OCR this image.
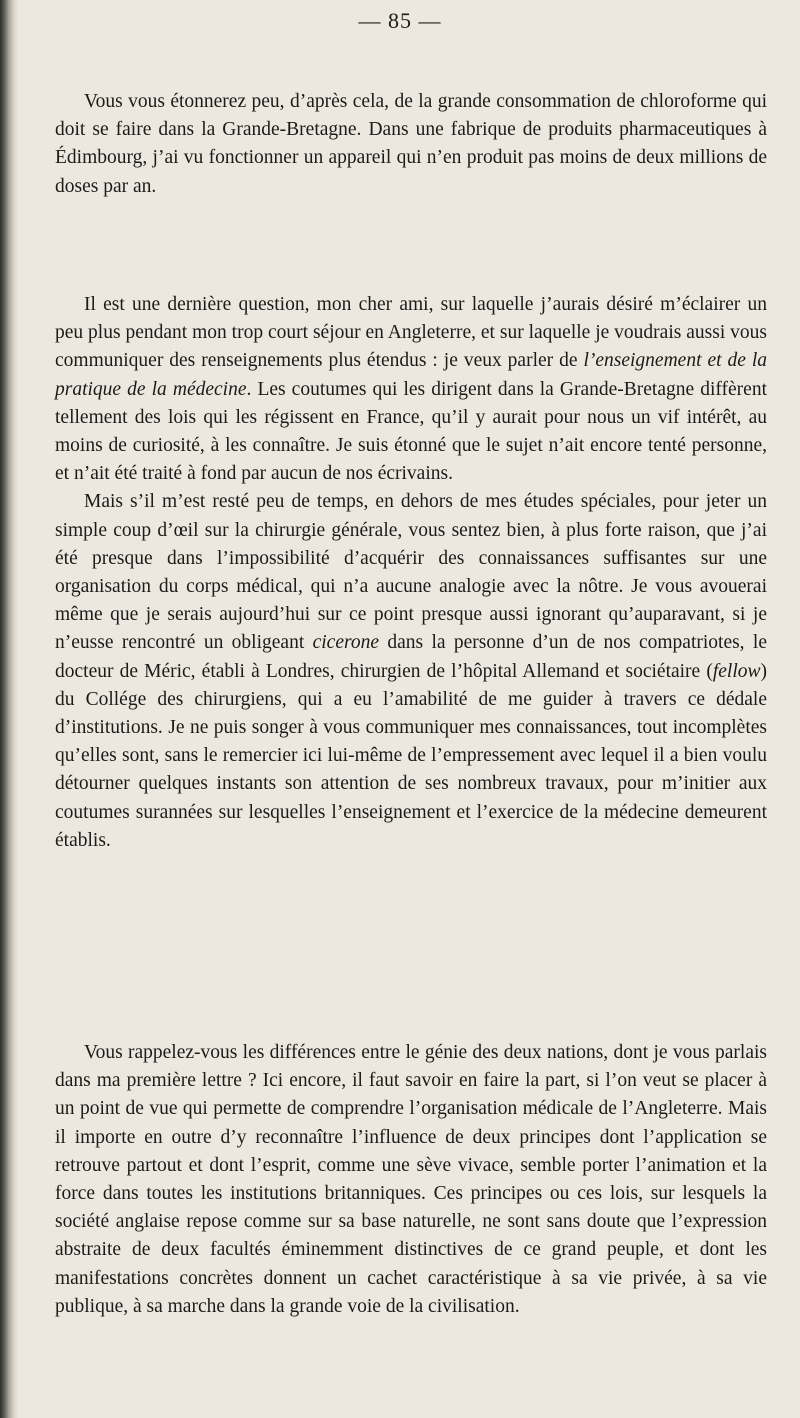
— 85 —

Vous vous étonnerez peu, d’après cela, de la grande consommation de chloroforme qui doit se faire dans la Grande-Bretagne. Dans une fabrique de produits pharmaceutiques à Édimbourg, j’ai vu fonctionner un appareil qui n’en produit pas moins de deux millions de doses par an.

Il est une dernière question, mon cher ami, sur laquelle j’aurais désiré m’éclairer un peu plus pendant mon trop court séjour en Angleterre, et sur laquelle je voudrais aussi vous communiquer des renseignements plus étendus : je veux parler de l’enseignement et de la pratique de la médecine. Les coutumes qui les dirigent dans la Grande-Bretagne diffèrent tellement des lois qui les régissent en France, qu’il y aurait pour nous un vif intérêt, au moins de curiosité, à les connaître. Je suis étonné que le sujet n’ait encore tenté personne, et n’ait été traité à fond par aucun de nos écrivains.

Mais s’il m’est resté peu de temps, en dehors de mes études spéciales, pour jeter un simple coup d’œil sur la chirurgie générale, vous sentez bien, à plus forte raison, que j’ai été presque dans l’impossibilité d’acquérir des connaissances suffisantes sur une organisation du corps médical, qui n’a aucune analogie avec la nôtre. Je vous avouerai même que je serais aujourd’hui sur ce point presque aussi ignorant qu’auparavant, si je n’eusse rencontré un obligeant cicerone dans la personne d’un de nos compatriotes, le docteur de Méric, établi à Londres, chirurgien de l’hôpital Allemand et sociétaire (fellow) du Collége des chirurgiens, qui a eu l’amabilité de me guider à travers ce dédale d’institutions. Je ne puis songer à vous communiquer mes connaissances, tout incomplètes qu’elles sont, sans le remercier ici lui-même de l’empressement avec lequel il a bien voulu détourner quelques instants son attention de ses nombreux travaux, pour m’initier aux coutumes surannées sur lesquelles l’enseignement et l’exercice de la médecine demeurent établis.

Vous rappelez-vous les différences entre le génie des deux nations, dont je vous parlais dans ma première lettre ? Ici encore, il faut savoir en faire la part, si l’on veut se placer à un point de vue qui permette de comprendre l’organisation médicale de l’Angleterre. Mais il importe en outre d’y reconnaître l’influence de deux principes dont l’application se retrouve partout et dont l’esprit, comme une sève vivace, semble porter l’animation et la force dans toutes les institutions britanniques. Ces principes ou ces lois, sur lesquels la société anglaise repose comme sur sa base naturelle, ne sont sans doute que l’expression abstraite de deux facultés éminemment distinctives de ce grand peuple, et dont les manifestations concrètes donnent un cachet caractéristique à sa vie privée, à sa vie publique, à sa marche dans la grande voie de la civilisation.
